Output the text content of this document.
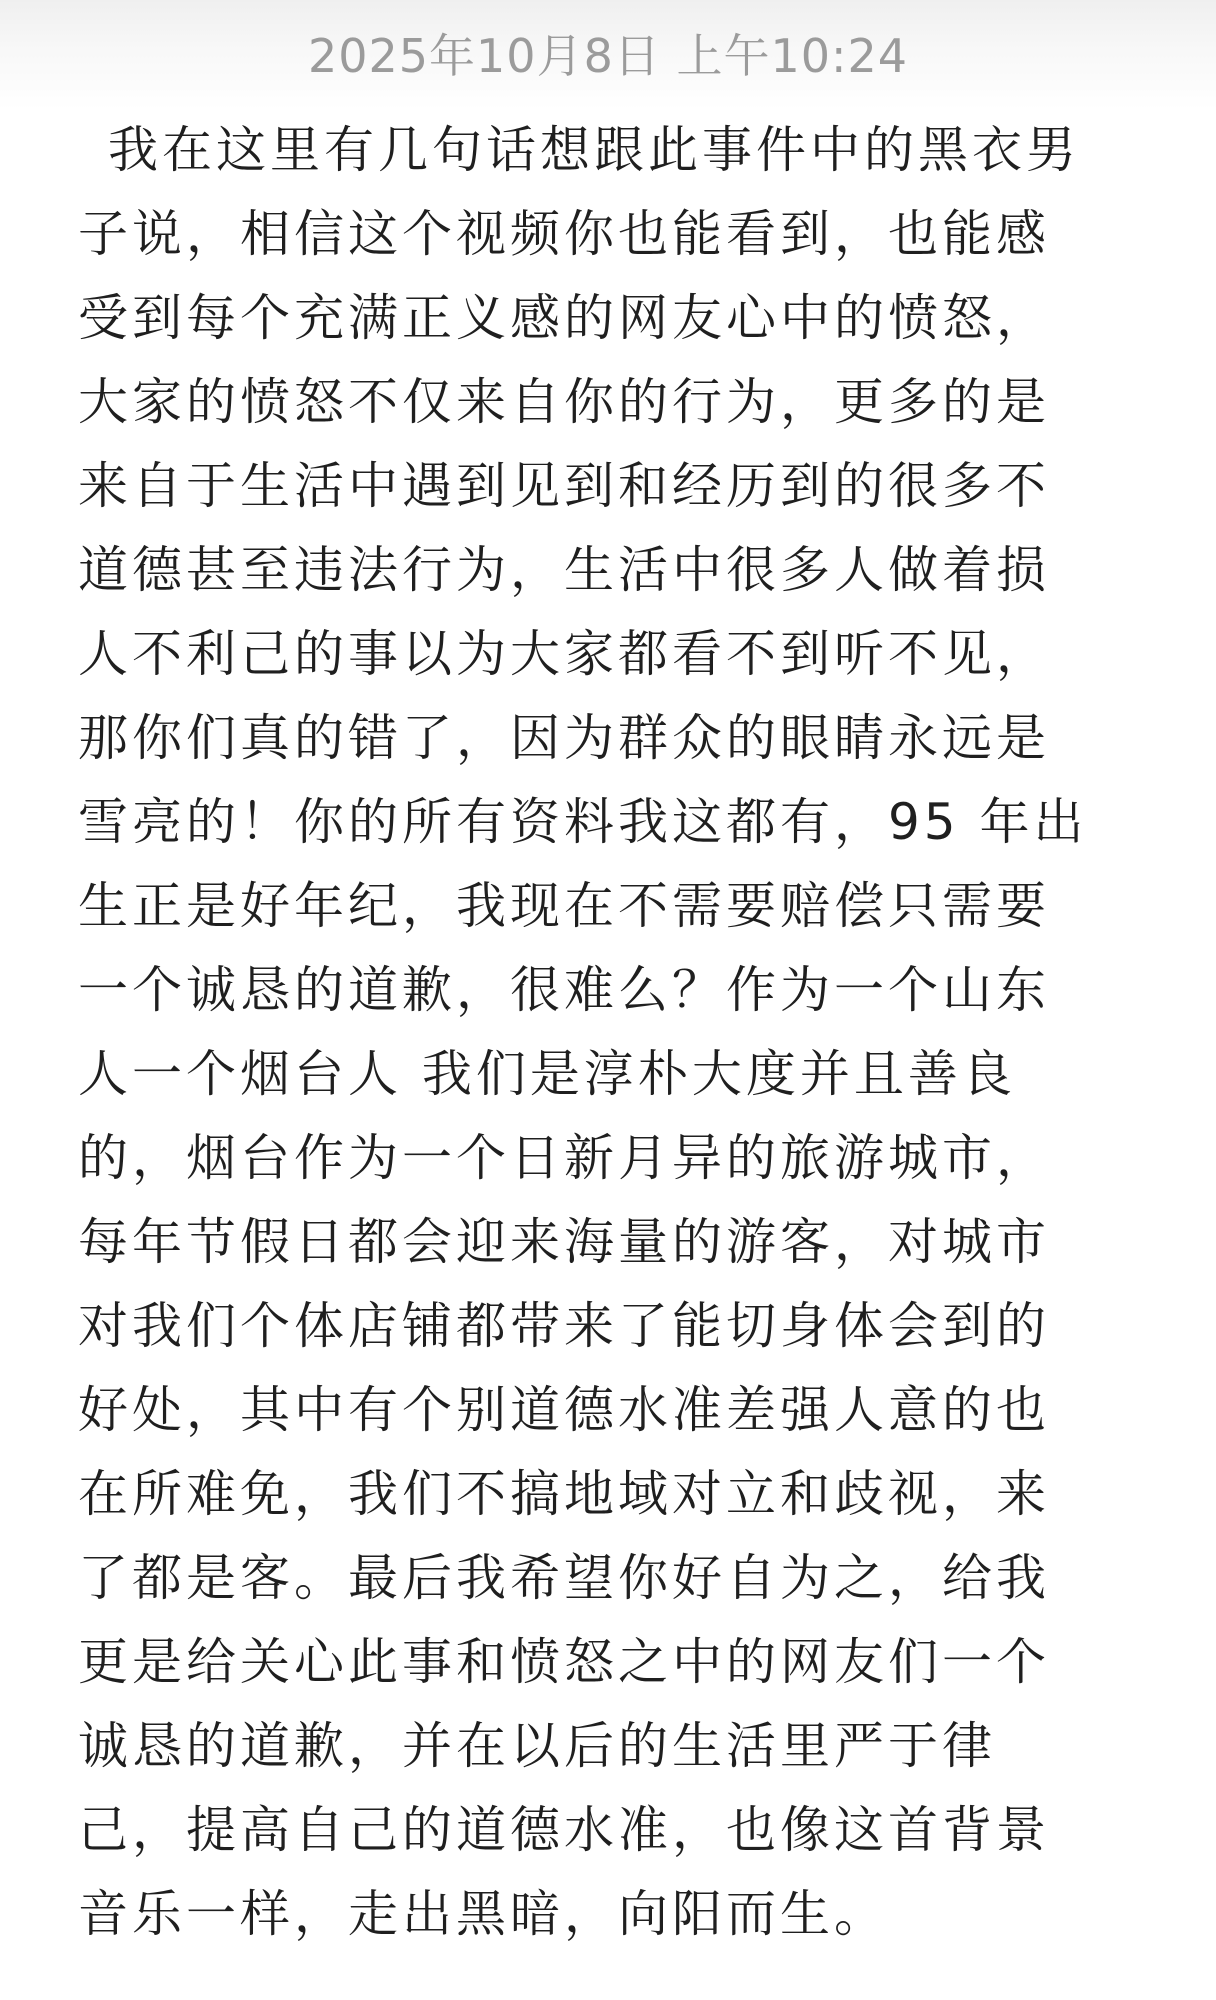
2025年10月8日 上午10:24
我在这里有几句话想跟此事件中的黑衣男
子说，相信这个视频你也能看到，也能感
受到每个充满正义感的网友心中的愤怒，
大家的愤怒不仅来自你的行为，更多的是
来自于生活中遇到见到和经历到的很多不
道德甚至违法行为，生活中很多人做着损
人不利己的事以为大家都看不到听不见，
那你们真的错了，因为群众的眼睛永远是
雪亮的！你的所有资料我这都有，95 年出
生正是好年纪，我现在不需要赔偿只需要
一个诚恳的道歉，很难么？作为一个山东
人一个烟台人 我们是淳朴大度并且善良
的，烟台作为一个日新月异的旅游城市，
每年节假日都会迎来海量的游客，对城市
对我们个体店铺都带来了能切身体会到的
好处，其中有个别道德水准差强人意的也
在所难免，我们不搞地域对立和歧视，来
了都是客。最后我希望你好自为之，给我
更是给关心此事和愤怒之中的网友们一个
诚恳的道歉，并在以后的生活里严于律
己，提高自己的道德水准，也像这首背景
音乐一样，走出黑暗，向阳而生。
